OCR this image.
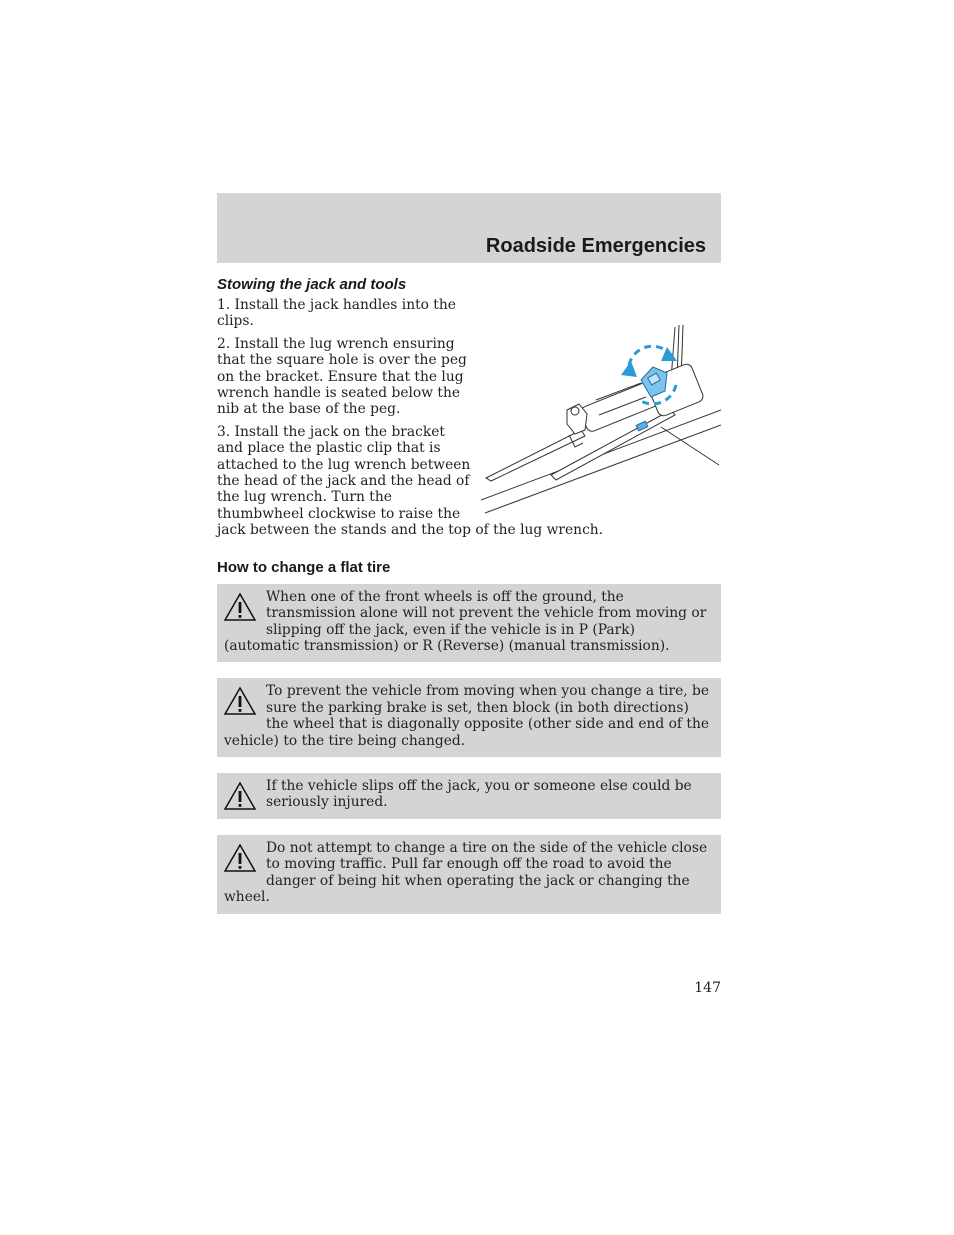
Roadside Emergencies
Stowing the jack and tools

1. Install the jack handles into the clips.

2. Install the lug wrench ensuring that the square hole is over the peg on the bracket. Ensure that the lug wrench handle is seated below the nib at the base of the peg.

3. Install the jack on the bracket and place the plastic clip that is attached to the lug wrench between the head of the jack and the head of the lug wrench. Turn the thumbwheel clockwise to raise the jack between the stands and the top of the lug wrench.

How to change a flat tire

When one of the front wheels is off the ground, the transmission alone will not prevent the vehicle from moving or slipping off the jack, even if the vehicle is in P (Park) (automatic transmission) or R (Reverse) (manual transmission).

To prevent the vehicle from moving when you change a tire, be sure the parking brake is set, then block (in both directions) the wheel that is diagonally opposite (other side and end of the vehicle) to the tire being changed.

If the vehicle slips off the jack, you or someone else could be seriously injured.

Do not attempt to change a tire on the side of the vehicle close to moving traffic. Pull far enough off the road to avoid the danger of being hit when operating the jack or changing the wheel.

147
